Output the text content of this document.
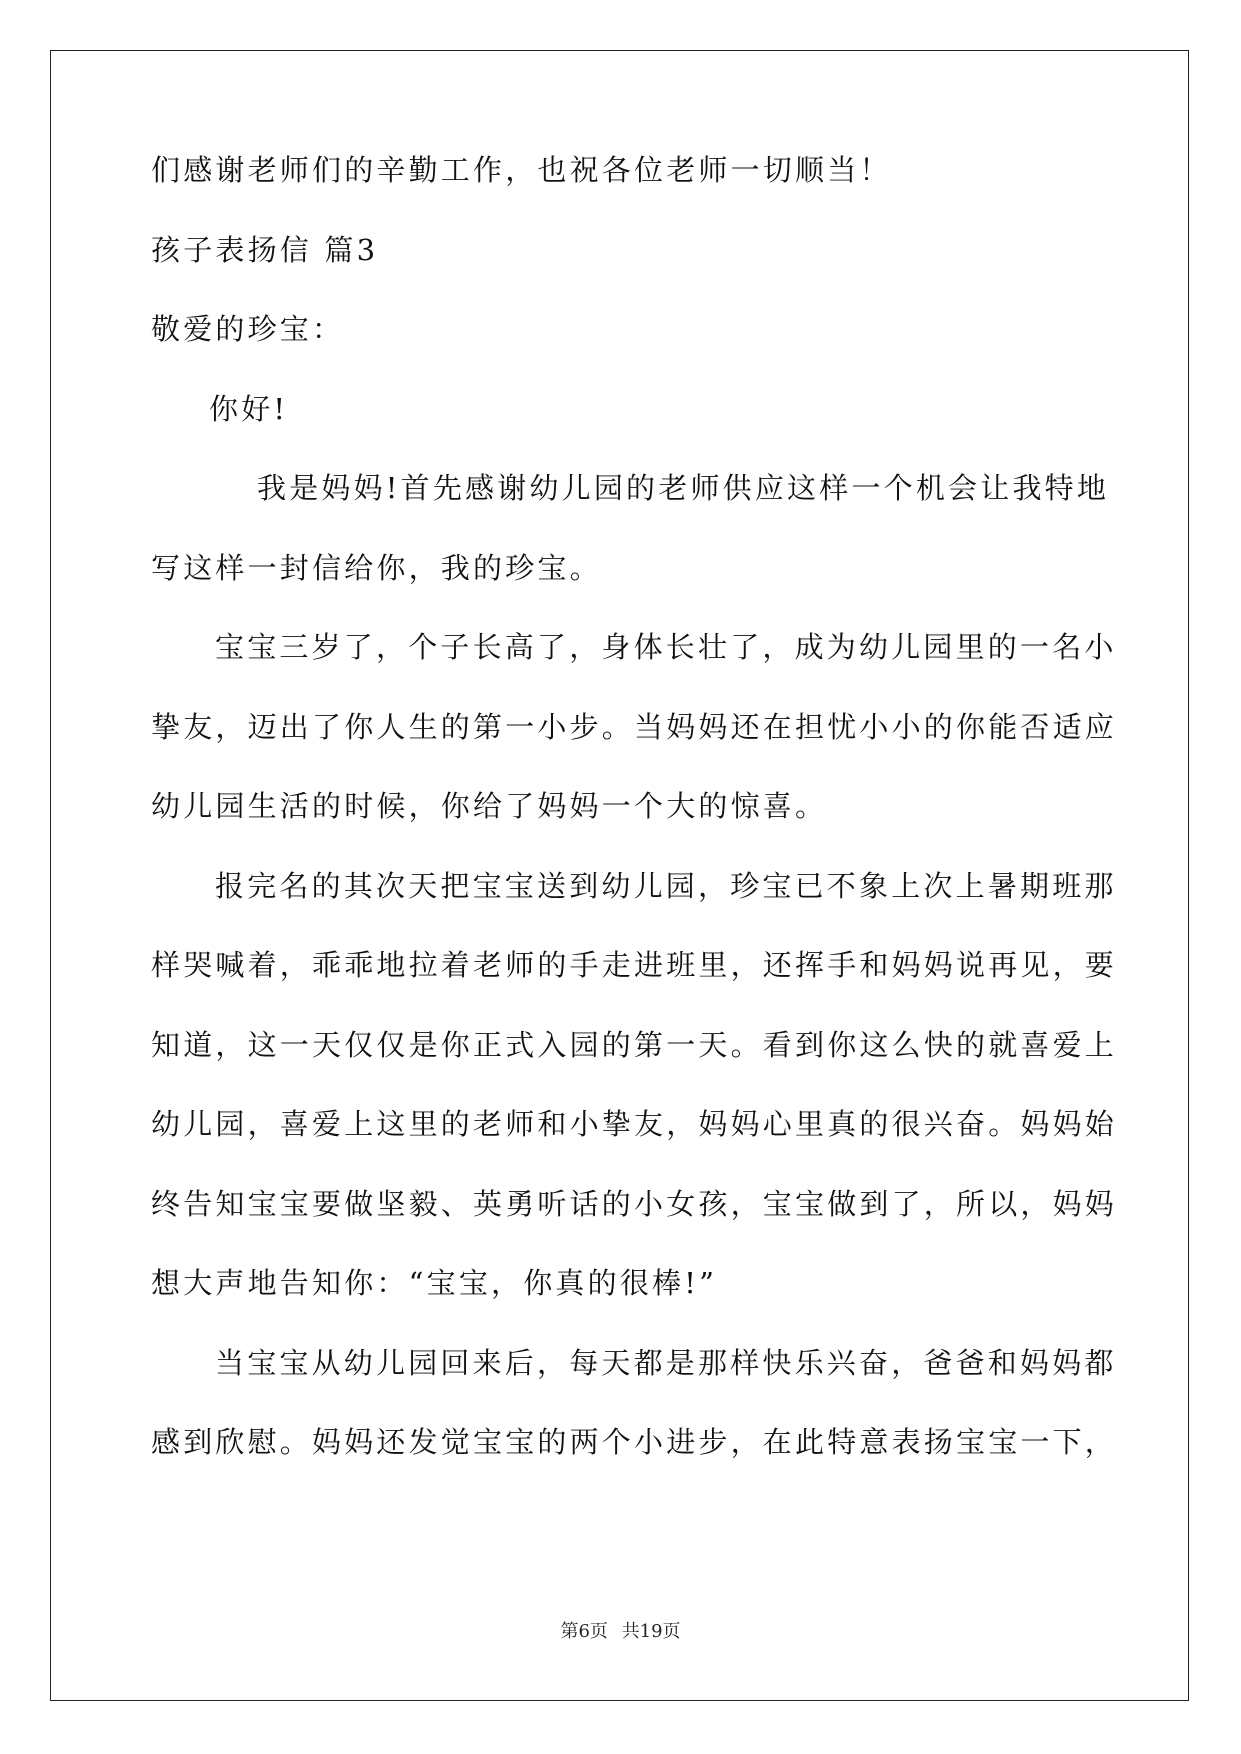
们感谢老师们的辛勤工作，也祝各位老师一切顺当！
孩子表扬信 篇3
敬爱的珍宝：
你好!
我是妈妈!首先感谢幼儿园的老师供应这样一个机会让我特地
写这样一封信给你，我的珍宝。
宝宝三岁了，个子长高了，身体长壮了，成为幼儿园里的一名小
挚友，迈出了你人生的第一小步。当妈妈还在担忧小小的你能否适应
幼儿园生活的时候，你给了妈妈一个大的惊喜。
报完名的其次天把宝宝送到幼儿园，珍宝已不象上次上暑期班那
样哭喊着，乖乖地拉着老师的手走进班里，还挥手和妈妈说再见，要
知道，这一天仅仅是你正式入园的第一天。看到你这么快的就喜爱上
幼儿园，喜爱上这里的老师和小挚友，妈妈心里真的很兴奋。妈妈始
终告知宝宝要做坚毅、英勇听话的小女孩，宝宝做到了，所以，妈妈
想大声地告知你：“宝宝，你真的很棒!”
当宝宝从幼儿园回来后，每天都是那样快乐兴奋，爸爸和妈妈都
感到欣慰。妈妈还发觉宝宝的两个小进步，在此特意表扬宝宝一下，
第6页 共19页
